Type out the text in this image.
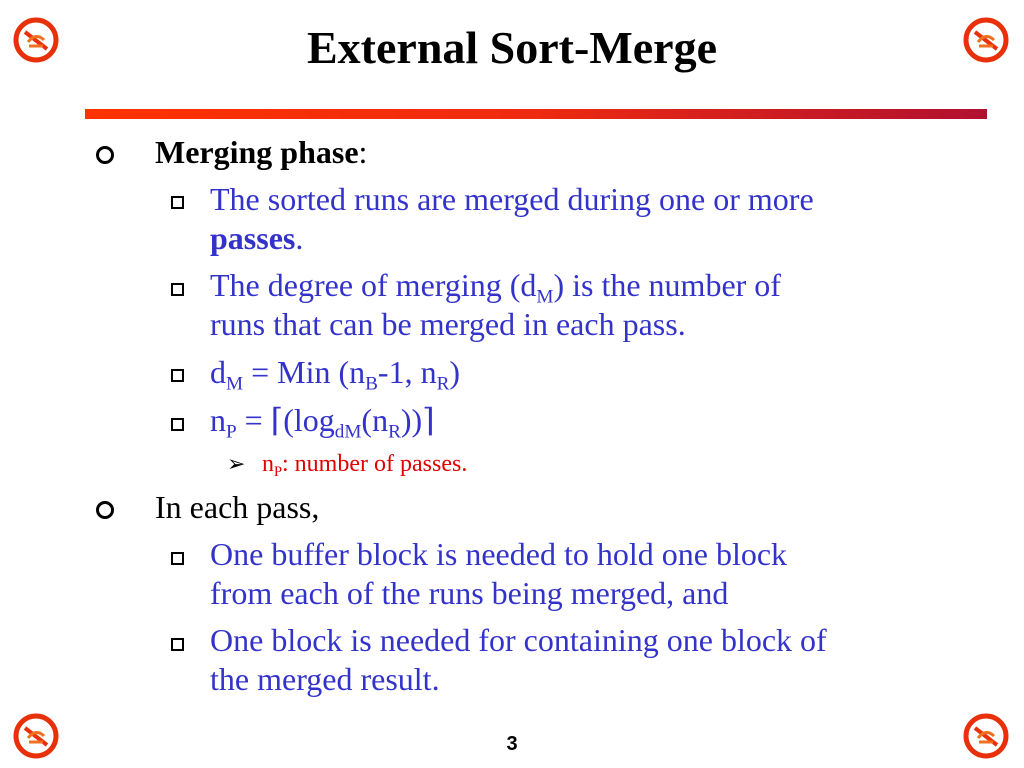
External Sort-Merge
Merging phase:
The sorted runs are merged during one or more
passes.
The degree of merging $(d_M)$ is the number of
runs that can be merged in each pass.
$d_M$ = Min ($n_B-1$, $n_R$)
$n_P$ = $⌈(\log_{dM}(n_R))⌉$
➢ $n_P$: number of passes.
In each pass,
One buffer block is needed to hold one block
from each of the runs being merged, and
One block is needed for containing one block of
the merged result.
3
